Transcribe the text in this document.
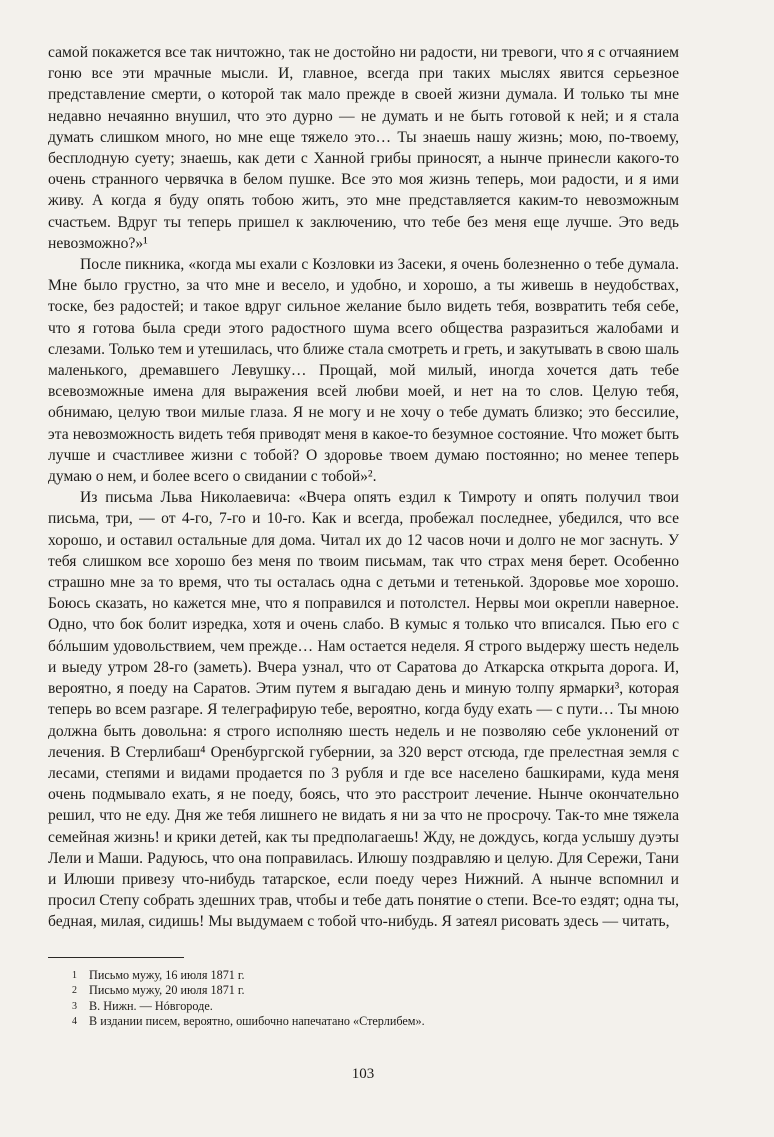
самой покажется все так ничтожно, так не достойно ни радости, ни тревоги, что я с отчаянием гоню все эти мрачные мысли. И, главное, всегда при таких мыслях явится серьезное представление смерти, о которой так мало прежде в своей жизни думала. И только ты мне недавно нечаянно внушил, что это дурно — не думать и не быть готовой к ней; и я стала думать слишком много, но мне еще тяжело это… Ты знаешь нашу жизнь; мою, по-твоему, бесплодную суету; знаешь, как дети с Ханной грибы приносят, а нынче принесли какого-то очень странного червячка в белом пушке. Все это моя жизнь теперь, мои радости, и я ими живу. А когда я буду опять тобою жить, это мне представляется каким-то невозможным счастьем. Вдруг ты теперь пришел к заключению, что тебе без меня еще лучше. Это ведь невозможно?»¹

После пикника, «когда мы ехали с Козловки из Засеки, я очень болезненно о тебе думала. Мне было грустно, за что мне и весело, и удобно, и хорошо, а ты живешь в неудобствах, тоске, без радостей; и такое вдруг сильное желание было видеть тебя, возвратить тебя себе, что я готова была среди этого радостного шума всего общества разразиться жалобами и слезами. Только тем и утешилась, что ближе стала смотреть и греть, и закутывать в свою шаль маленького, дремавшего Левушку… Прощай, мой милый, иногда хочется дать тебе всевозможные имена для выражения всей любви моей, и нет на то слов. Целую тебя, обнимаю, целую твои милые глаза. Я не могу и не хочу о тебе думать близко; это бессилие, эта невозможность видеть тебя приводят меня в какое-то безумное состояние. Что может быть лучше и счастливее жизни с тобой? О здоровье твоем думаю постоянно; но менее теперь думаю о нем, и более всего о свидании с тобой»².

Из письма Льва Николаевича: «Вчера опять ездил к Тимроту и опять получил твои письма, три, — от 4-го, 7-го и 10-го. Как и всегда, пробежал последнее, убедился, что все хорошо, и оставил остальные для дома. Читал их до 12 часов ночи и долго не мог заснуть. У тебя слишком все хорошо без меня по твоим письмам, так что страх меня берет. Особенно страшно мне за то время, что ты осталась одна с детьми и тетенькой. Здоровье мое хорошо. Боюсь сказать, но кажется мне, что я поправился и потолстел. Нервы мои окрепли наверное. Одно, что бок болит изредка, хотя и очень слабо. В кумыс я только что вписался. Пью его с бóльшим удовольствием, чем прежде… Нам остается неделя. Я строго выдержу шесть недель и выеду утром 28-го (заметь). Вчера узнал, что от Саратова до Аткарска открыта дорога. И, вероятно, я поеду на Саратов. Этим путем я выгадаю день и миную толпу ярмарки³, которая теперь во всем разгаре. Я телеграфирую тебе, вероятно, когда буду ехать — с пути… Ты мною должна быть довольна: я строго исполняю шесть недель и не позволяю себе уклонений от лечения. В Стерлибаш⁴ Оренбургской губернии, за 320 верст отсюда, где прелестная земля с лесами, степями и видами продается по 3 рубля и где все населено башкирами, куда меня очень подмывало ехать, я не поеду, боясь, что это расстроит лечение. Нынче окончательно решил, что не еду. Дня же тебя лишнего не видать я ни за что не просрочу. Так-то мне тяжела семейная жизнь! и крики детей, как ты предполагаешь! Жду, не дождусь, когда услышу дуэты Лели и Маши. Радуюсь, что она поправилась. Илюшу поздравляю и целую. Для Сережи, Тани и Илюши привезу что-нибудь татарское, если поеду через Нижний. А нынче вспомнил и просил Степу собрать здешних трав, чтобы и тебе дать понятие о степи. Все-то ездят; одна ты, бедная, милая, сидишь! Мы выдумаем с тобой что-нибудь. Я затеял рисовать здесь — читать,

1 Письмо мужу, 16 июля 1871 г.
2 Письмо мужу, 20 июля 1871 г.
3 В. Нижн. — Нóвгороде.
4 В издании писем, вероятно, ошибочно напечатано «Стерлибем».
103
